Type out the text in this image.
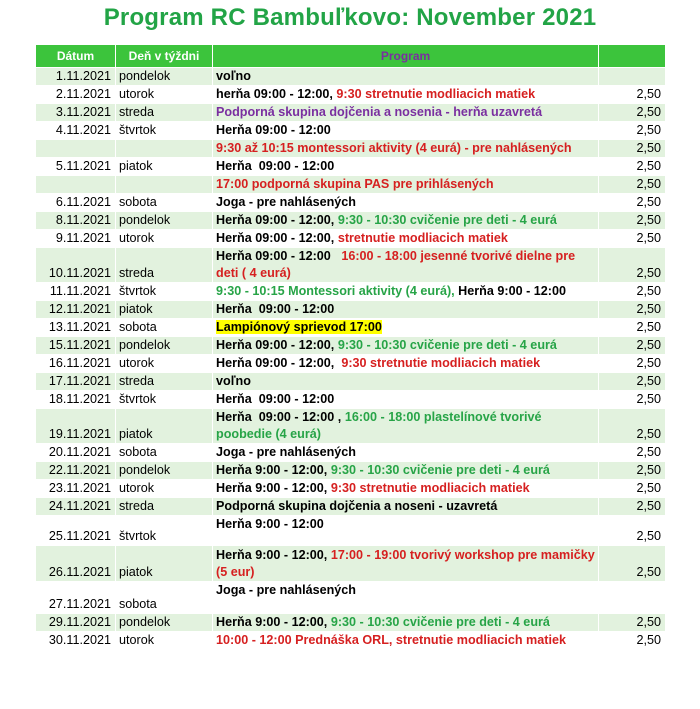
Program RC Bambuľkovo: November 2021
Dátum	Deň v týždni	Program	
1.11.2021	pondelok	voľno	
2.11.2021	utorok	herňa 09:00 - 12:00, 9:30 stretnutie modliacich matiek	2,50
3.11.2021	streda	Podporná skupina dojčenia a nosenia - herňa uzavretá	2,50
4.11.2021	štvrtok	Herňa 09:00 - 12:00	2,50
		9:30 až 10:15 montessori aktivity (4 eurá) - pre nahlásených	2,50
5.11.2021	piatok	Herňa  09:00 - 12:00	2,50
		17:00 podporná skupina PAS pre prihlásených	2,50
6.11.2021	sobota	Joga - pre nahlásených	2,50
8.11.2021	pondelok	Herňa 09:00 - 12:00, 9:30 - 10:30 cvičenie pre deti - 4 eurá	2,50
9.11.2021	utorok	Herňa 09:00 - 12:00, stretnutie modliacich matiek	2,50
10.11.2021	streda	Herňa 09:00 - 12:00   16:00 - 18:00 jesenné tvorivé dielne pre deti ( 4 eurá)	2,50
11.11.2021	štvrtok	9:30 - 10:15 Montessori aktivity (4 eurá), Herňa 9:00 - 12:00	2,50
12.11.2021	piatok	Herňa  09:00 - 12:00	2,50
13.11.2021	sobota	Lampiónový sprievod 17:00	2,50
15.11.2021	pondelok	Herňa 09:00 - 12:00, 9:30 - 10:30 cvičenie pre deti - 4 eurá	2,50
16.11.2021	utorok	Herňa 09:00 - 12:00,  9:30 stretnutie modliacich matiek	2,50
17.11.2021	streda	voľno	2,50
18.11.2021	štvrtok	Herňa  09:00 - 12:00	2,50
19.11.2021	piatok	Herňa  09:00 - 12:00 , 16:00 - 18:00 plastelínové tvorivé poobedie (4 eurá)	2,50
20.11.2021	sobota	Joga - pre nahlásených	2,50
22.11.2021	pondelok	Herňa 9:00 - 12:00, 9:30 - 10:30 cvičenie pre deti - 4 eurá	2,50
23.11.2021	utorok	Herňa 9:00 - 12:00, 9:30 stretnutie modliacich matiek	2,50
24.11.2021	streda	Podporná skupina dojčenia a noseni - uzavretá	2,50
25.11.2021	štvrtok	Herňa 9:00 - 12:00	2,50
26.11.2021	piatok	Herňa 9:00 - 12:00, 17:00 - 19:00 tvorivý workshop pre mamičky (5 eur)	2,50
27.11.2021	sobota	Joga - pre nahlásených	
29.11.2021	pondelok	Herňa 9:00 - 12:00, 9:30 - 10:30 cvičenie pre deti - 4 eurá	2,50
30.11.2021	utorok	10:00 - 12:00 Prednáška ORL, stretnutie modliacich matiek	2,50
